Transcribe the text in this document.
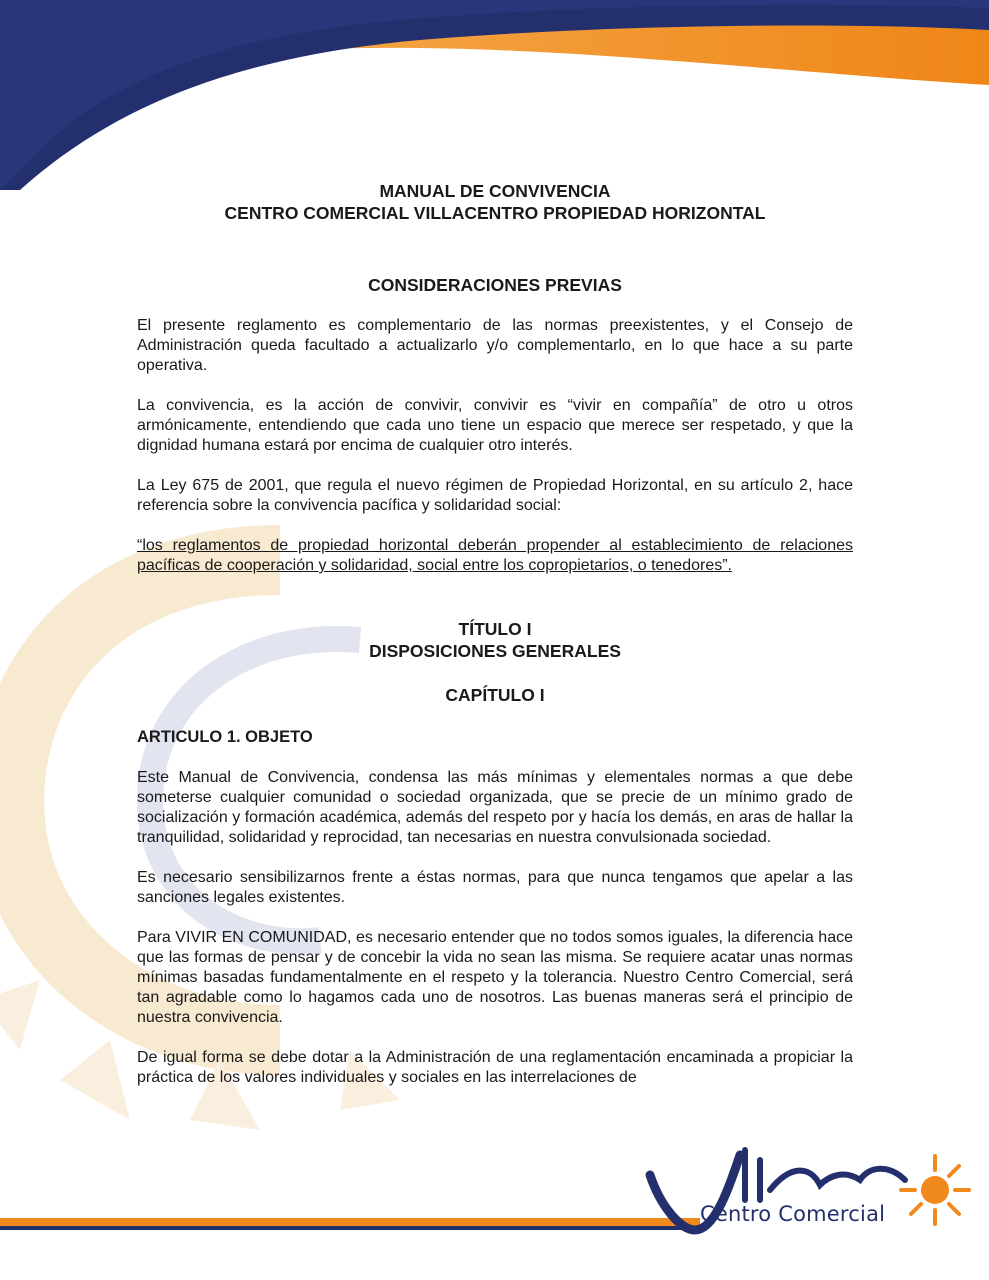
MANUAL DE CONVIVENCIA
CENTRO COMERCIAL VILLACENTRO PROPIEDAD HORIZONTAL
CONSIDERACIONES PREVIAS

El presente reglamento es complementario de las normas preexistentes, y el Consejo de Administración queda facultado a actualizarlo y/o complementarlo, en lo que hace a su parte operativa.

La convivencia, es la acción de convivir, convivir es “vivir en compañía” de otro u otros armónicamente, entendiendo que cada uno tiene un espacio que merece ser respetado, y que la dignidad humana estará por encima de cualquier otro interés.

La Ley 675 de 2001, que regula el nuevo régimen de Propiedad Horizontal, en su artículo 2, hace referencia sobre la convivencia pacífica y solidaridad social:

“los reglamentos de propiedad horizontal deberán propender al establecimiento de relaciones pacíficas de cooperación y solidaridad, social entre los copropietarios, o tenedores”.

TÍTULO I
DISPOSICIONES GENERALES
CAPÍTULO I
ARTICULO 1. OBJETO

Este Manual de Convivencia, condensa las más mínimas y elementales normas a que debe someterse cualquier comunidad o sociedad organizada, que se precie de un mínimo grado de socialización y formación académica, además del respeto por y hacía los demás, en aras de hallar la tranquilidad, solidaridad y reprocidad, tan necesarias en nuestra convulsionada sociedad.

Es necesario sensibilizarnos frente a éstas normas, para que nunca tengamos que apelar a las sanciones legales existentes.

Para VIVIR EN COMUNIDAD, es necesario entender que no todos somos iguales, la diferencia hace que las formas de pensar y de concebir la vida no sean las misma. Se requiere acatar unas normas mínimas basadas fundamentalmente en el respeto y la tolerancia. Nuestro Centro Comercial, será tan agradable como lo hagamos cada uno de nosotros. Las buenas maneras será el principio de nuestra convivencia.

De igual forma se debe dotar a la Administración de una reglamentación encaminada a propiciar la práctica de los valores individuales y sociales en las interrelaciones de

Centro Comercial
